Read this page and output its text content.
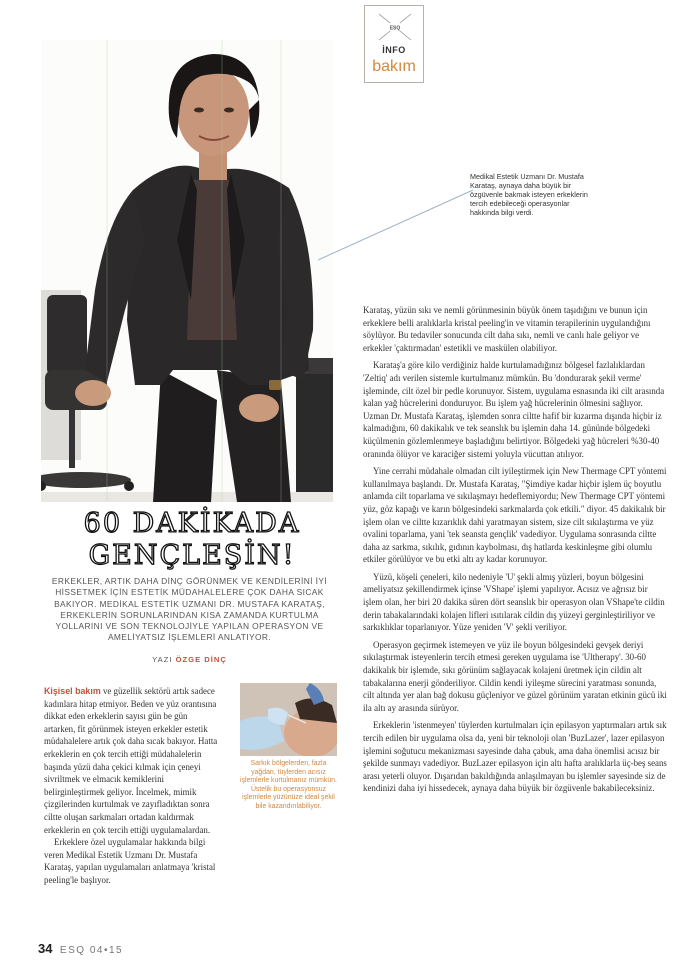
ESQ
İNFO
bakım
Medikal Estetik Uzmanı Dr. Mustafa Karataş, aynaya daha büyük bir özgüvenle bakmak isteyen erkeklerin tercih edebileceği operasyonlar hakkında bilgi verdi.
60 DAKİKADA
GENÇLEŞİN!
ERKEKLER, ARTIK DAHA DİNÇ GÖRÜNMEK VE KENDİLERİNİ İYİ HİSSETMEK İÇİN ESTETİK MÜDAHALELERE ÇOK DAHA SICAK BAKIYOR. MEDİKAL ESTETİK UZMANI DR. MUSTAFA KARATAŞ, ERKEKLERİN SORUNLARINDAN KISA ZAMANDA KURTULMA YOLLARINI VE SON TEKNOLOJİYLE YAPILAN OPERASYON VE AMELİYATSIZ İŞLEMLERİ ANLATIYOR.
YAZI ÖZGE DİNÇ

Kişisel bakım ve güzellik sektörü artık sadece kadınlara hitap etmiyor. Beden ve yüz orantısına dikkat eden erkeklerin sayısı gün be gün artarken, fit görünmek isteyen erkekler estetik müdahalelere artık çok daha sıcak bakıyor. Hatta erkeklerin en çok tercih ettiği müdahalelerin başında yüzü daha çekici kılmak için çeneyi sivriltmek ve elmacık kemiklerini belirginleştirmek geliyor. İncelmek, mimik çizgilerinden kurtulmak ve zayıfladıktan sonra ciltte oluşan sarkmaları ortadan kaldırmak erkeklerin en çok tercih ettiği uygulamalardan.

Erkeklere özel uygulamalar hakkında bilgi veren Medikal Estetik Uzmanı Dr. Mustafa Karataş, yapılan uygulamaları anlatmaya 'kristal peeling'le başlıyor.

Sarkık bölgelerden, fazla yağdan, tüylerden acısız işlemlerle kurtulmanız mümkün. Üstelik bu operasyonsuz işlemlerle yüzünüze ideal şekil bile kazandırılabiliyor.

Karataş, yüzün sıkı ve nemli görünmesinin büyük önem taşıdığını ve bunun için erkeklere belli aralıklarla kristal peeling'in ve vitamin terapilerinin uygulandığını söylüyor. Bu tedaviler sonucunda cilt daha sıkı, nemli ve canlı hale geliyor ve erkekler 'çaktırmadan' estetikli ve maskülen olabiliyor.

Karataş'a göre kilo verdiğiniz halde kurtulamadığınız bölgesel fazlalıklardan 'Zeltiq' adı verilen sistemle kurtulmanız mümkün. Bu 'dondurarak şekil verme' işleminde, cilt özel bir pedle korunuyor. Sistem, uygulama esnasında iki cilt arasında kalan yağ hücrelerini donduruyor. Bu işlem yağ hücrelerinin ölmesini sağlıyor. Uzman Dr. Mustafa Karataş, işlemden sonra ciltte hafif bir kızarma dışında hiçbir iz kalmadığını, 60 dakikalık ve tek seanslık bu işlemin daha 14. gününde bölgedeki küçülmenin gözlemlenmeye başladığını belirtiyor. Bölgedeki yağ hücreleri %30-40 oranında ölüyor ve karaciğer sistemi yoluyla vücuttan atılıyor.

Yine cerrahi müdahale olmadan cilt iyileştirmek için New Thermage CPT yöntemi kullanılmaya başlandı. Dr. Mustafa Karataş, "Şimdiye kadar hiçbir işlem üç boyutlu anlamda cilt toparlama ve sıkılaşmayı hedeflemiyordu; New Thermage CPT yöntemi yüz, göz kapağı ve karın bölgesindeki sarkmalarda çok etkili." diyor. 45 dakikalık bir işlem olan ve ciltte kızarıklık dahi yaratmayan sistem, size cilt sıkılaştırma ve yüz ovalini toparlama, yani 'tek seansta gençlik' vadediyor. Uygulama sonrasında ciltte daha az sarkma, sıkılık, gıdının kaybolması, dış hatlarda keskinleşme gibi olumlu etkiler görülüyor ve bu etki altı ay kadar korunuyor.

Yüzü, köşeli çeneleri, kilo nedeniyle 'U' şekli almış yüzleri, boyun bölgesini ameliyatsız şekillendirmek içinse 'VShape' işlemi yapılıyor. Acısız ve ağrısız bir işlem olan, her biri 20 dakika süren dört seanslık bir operasyon olan VShape'te cildin derin tabakalarındaki kolajen lifleri ısıtılarak cildin dış yüzeyi gerginleştiriliyor ve sarkıklıklar toparlanıyor. Yüze yeniden 'V' şekli veriliyor.

Operasyon geçirmek istemeyen ve yüz ile boyun bölgesindeki gevşek deriyi sıkılaştırmak isteyenlerin tercih etmesi gereken uygulama ise 'Ultherapy'. 30-60 dakikalık bir işlemde, sıkı görünüm sağlayacak kolajeni üretmek için cildin alt tabakalarına enerji gönderiliyor. Cildin kendi iyileşme sürecini yaratması sonunda, cilt altında yer alan bağ dokusu güçleniyor ve güzel görünüm yaratan etkinin gücü iki ila altı ay arasında sürüyor.

Erkeklerin 'istenmeyen' tüylerden kurtulmaları için epilasyon yaptırmaları artık sık tercih edilen bir uygulama olsa da, yeni bir teknoloji olan 'BuzLazer', lazer epilasyon işlemini soğutucu mekanizması sayesinde daha çabuk, ama daha önemlisi acısız bir şekilde sunmayı vadediyor. BuzLazer epilasyon için altı hafta aralıklarla üç-beş seans arası yeterli oluyor. Dışarıdan bakıldığında anlaşılmayan bu işlemler sayesinde siz de kendinizi daha iyi hissedecek, aynaya daha büyük bir özgüvenle bakabileceksiniz.

34 ESQ 04•15
